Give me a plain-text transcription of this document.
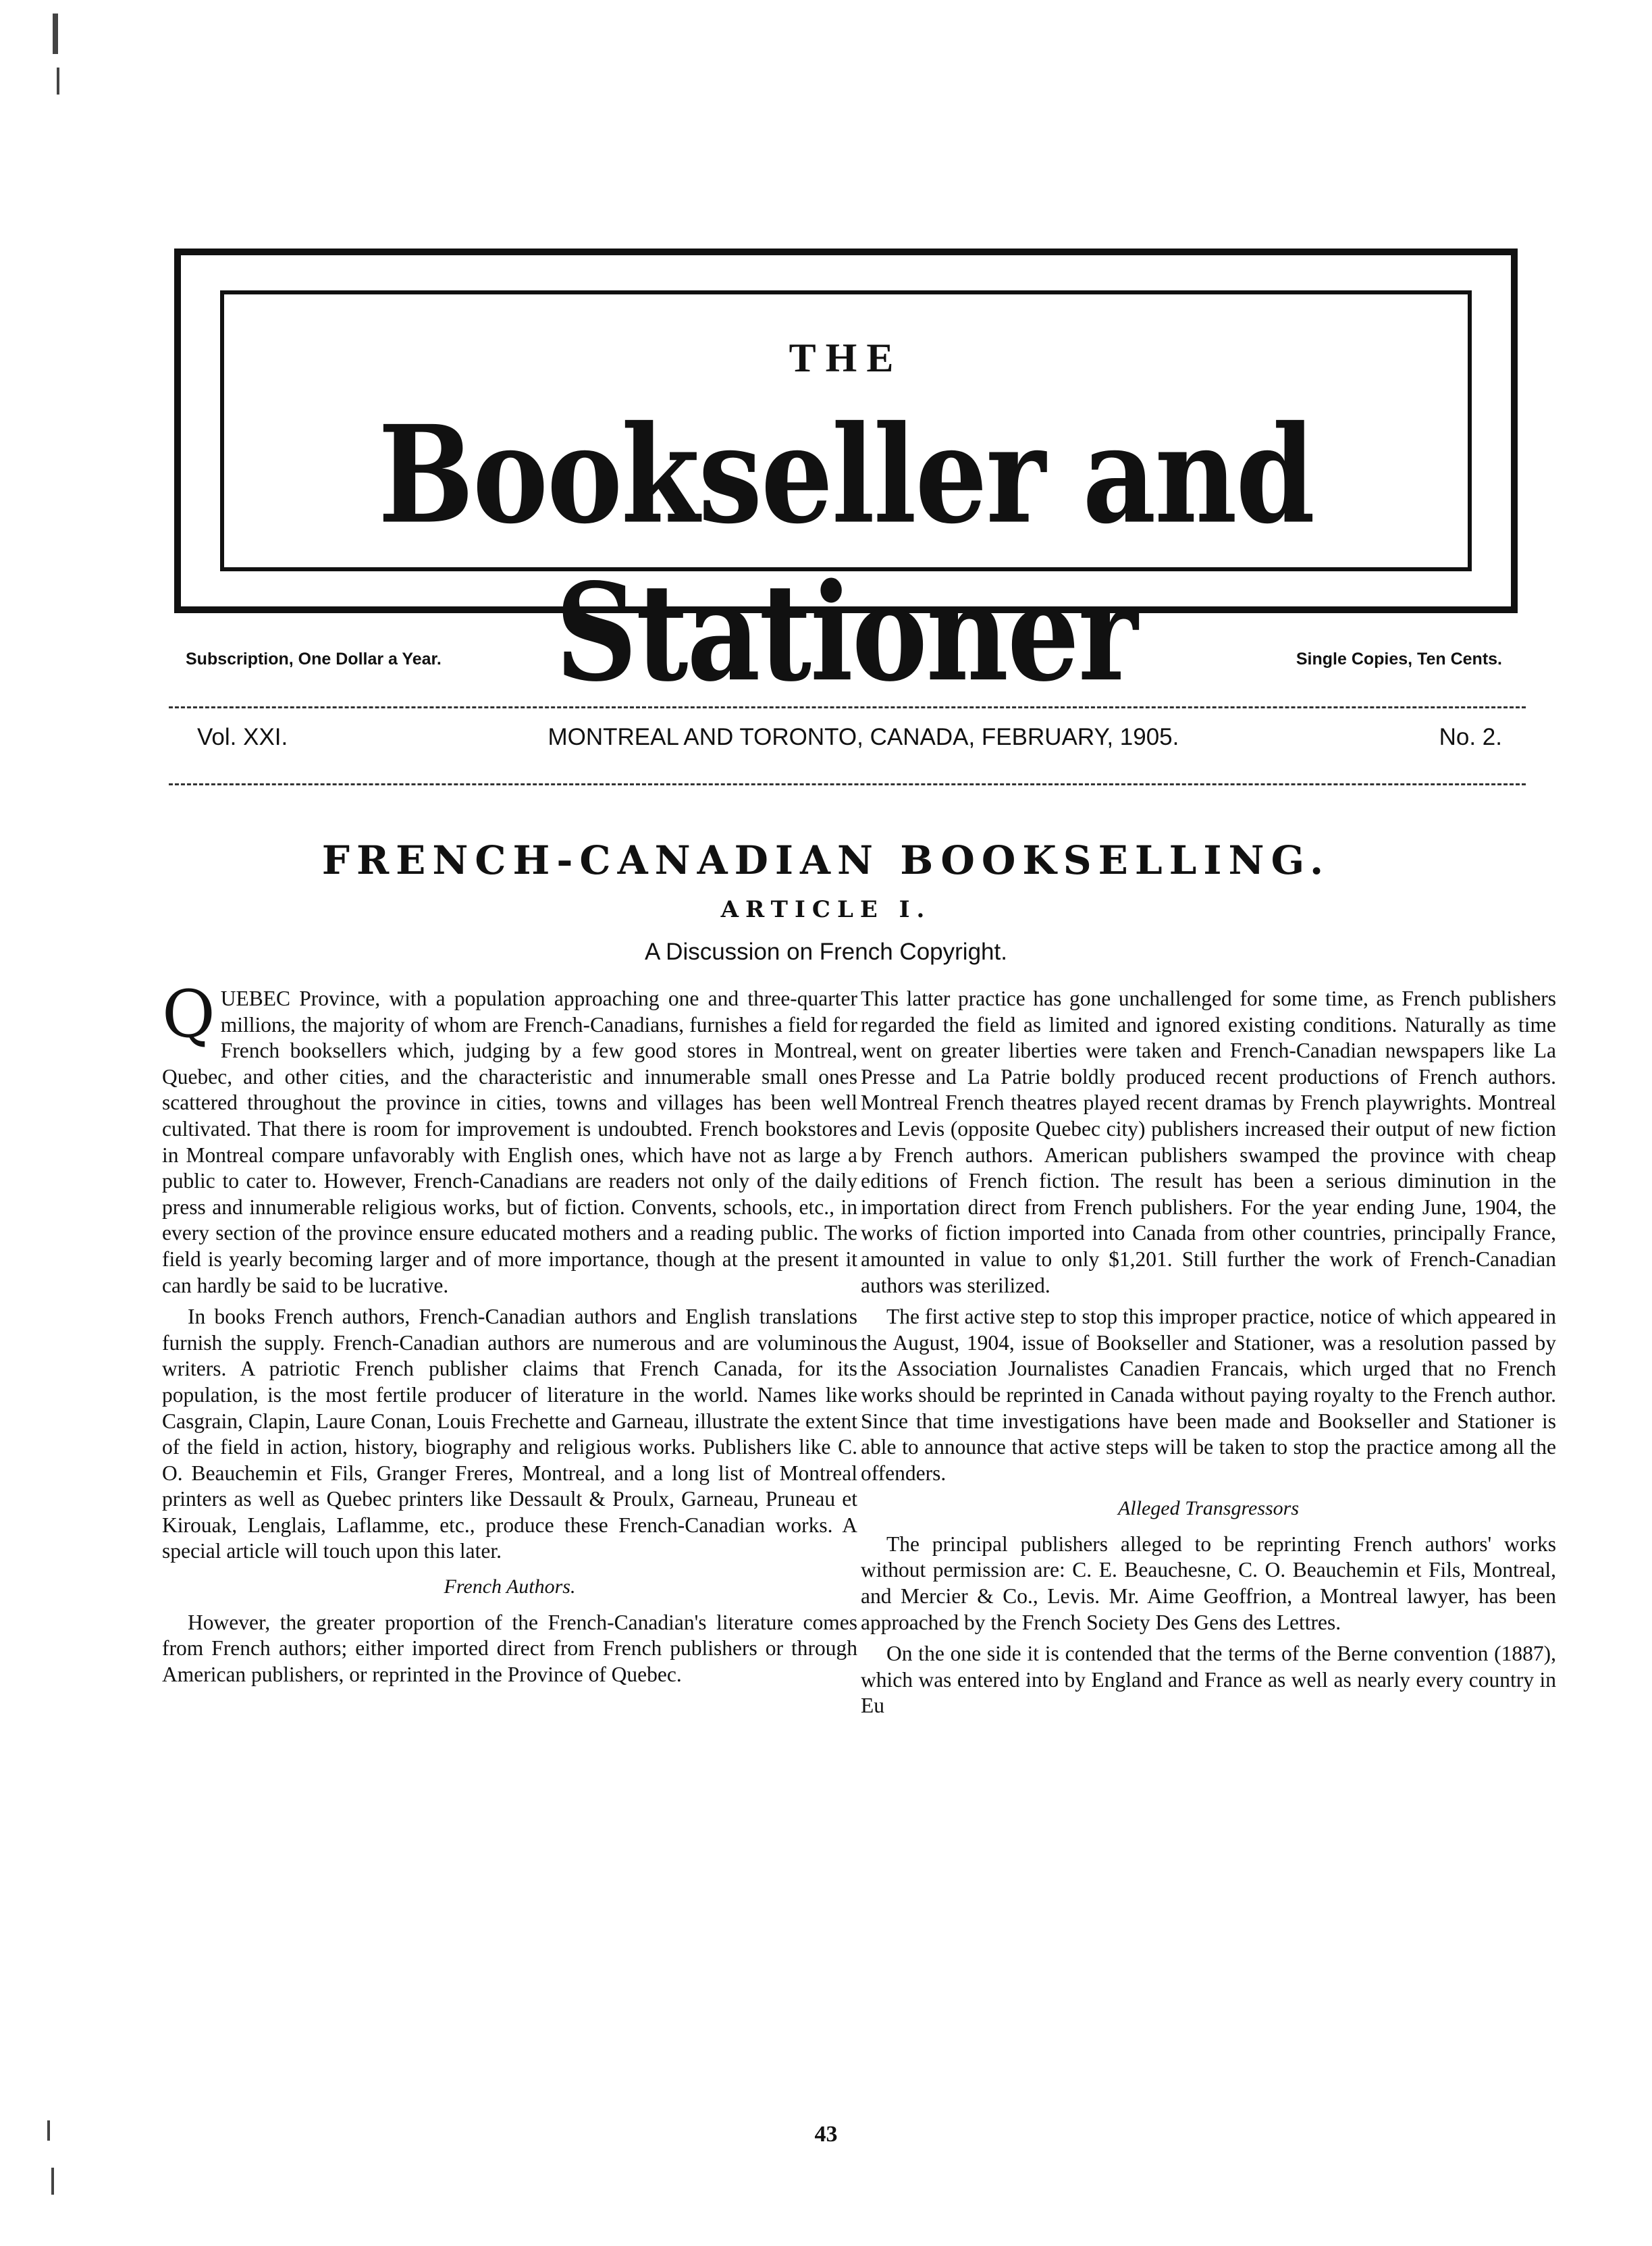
THE
Bookseller and Stationer
Subscription, One Dollar a Year.	Single Copies, Ten Cents.
Vol. XXI.	MONTREAL AND TORONTO, CANADA, FEBRUARY, 1905.	No. 2.
FRENCH-CANADIAN BOOKSELLING.
ARTICLE I.
A Discussion on French Copyright.

QUEBEC Province, with a population approaching one and three-quarter millions, the majority of whom are French-Canadians, furnishes a field for French booksellers which, judging by a few good stores in Montreal, Quebec, and other cities, and the characteristic and innumerable small ones scattered throughout the province in cities, towns and villages has been well cultivated. That there is room for improvement is undoubted. French bookstores in Montreal compare unfavorably with English ones, which have not as large a public to cater to. However, French-Canadians are readers not only of the daily press and innumerable religious works, but of fiction. Convents, schools, etc., in every section of the province ensure educated mothers and a reading public. The field is yearly becoming larger and of more importance, though at the present it can hardly be said to be lucrative.

In books French authors, French-Canadian authors and English translations furnish the supply. French-Canadian authors are numerous and are voluminous writers. A patriotic French publisher claims that French Canada, for its population, is the most fertile producer of literature in the world. Names like Casgrain, Clapin, Laure Conan, Louis Frechette and Garneau, illustrate the extent of the field in action, history, biography and religious works. Publishers like C. O. Beauchemin et Fils, Granger Freres, Montreal, and a long list of Montreal printers as well as Quebec printers like Dessault & Proulx, Garneau, Pruneau et Kirouak, Lenglais, Laflamme, etc., produce these French-Canadian works. A special article will touch upon this later.

French Authors.

However, the greater proportion of the French-Canadian's literature comes from French authors; either imported direct from French publishers or through American publishers, or reprinted in the Province of Quebec.

This latter practice has gone unchallenged for some time, as French publishers regarded the field as limited and ignored existing conditions. Naturally as time went on greater liberties were taken and French-Canadian newspapers like La Presse and La Patrie boldly produced recent productions of French authors. Montreal French theatres played recent dramas by French playwrights. Montreal and Levis (opposite Quebec city) publishers increased their output of new fiction by French authors. American publishers swamped the province with cheap editions of French fiction. The result has been a serious diminution in the importation direct from French publishers. For the year ending June, 1904, the works of fiction imported into Canada from other countries, principally France, amounted in value to only $1,201. Still further the work of French-Canadian authors was sterilized.

The first active step to stop this improper practice, notice of which appeared in the August, 1904, issue of Bookseller and Stationer, was a resolution passed by the Association Journalistes Canadien Francais, which urged that no French works should be reprinted in Canada without paying royalty to the French author. Since that time investigations have been made and Bookseller and Stationer is able to announce that active steps will be taken to stop the practice among all the offenders.

Alleged Transgressors

The principal publishers alleged to be reprinting French authors' works without permission are: C. E. Beauchesne, C. O. Beauchemin et Fils, Montreal, and Mercier & Co., Levis. Mr. Aime Geoffrion, a Montreal lawyer, has been approached by the French Society Des Gens des Lettres.

On the one side it is contended that the terms of the Berne convention (1887), which was entered into by England and France as well as nearly every country in Eu

43
